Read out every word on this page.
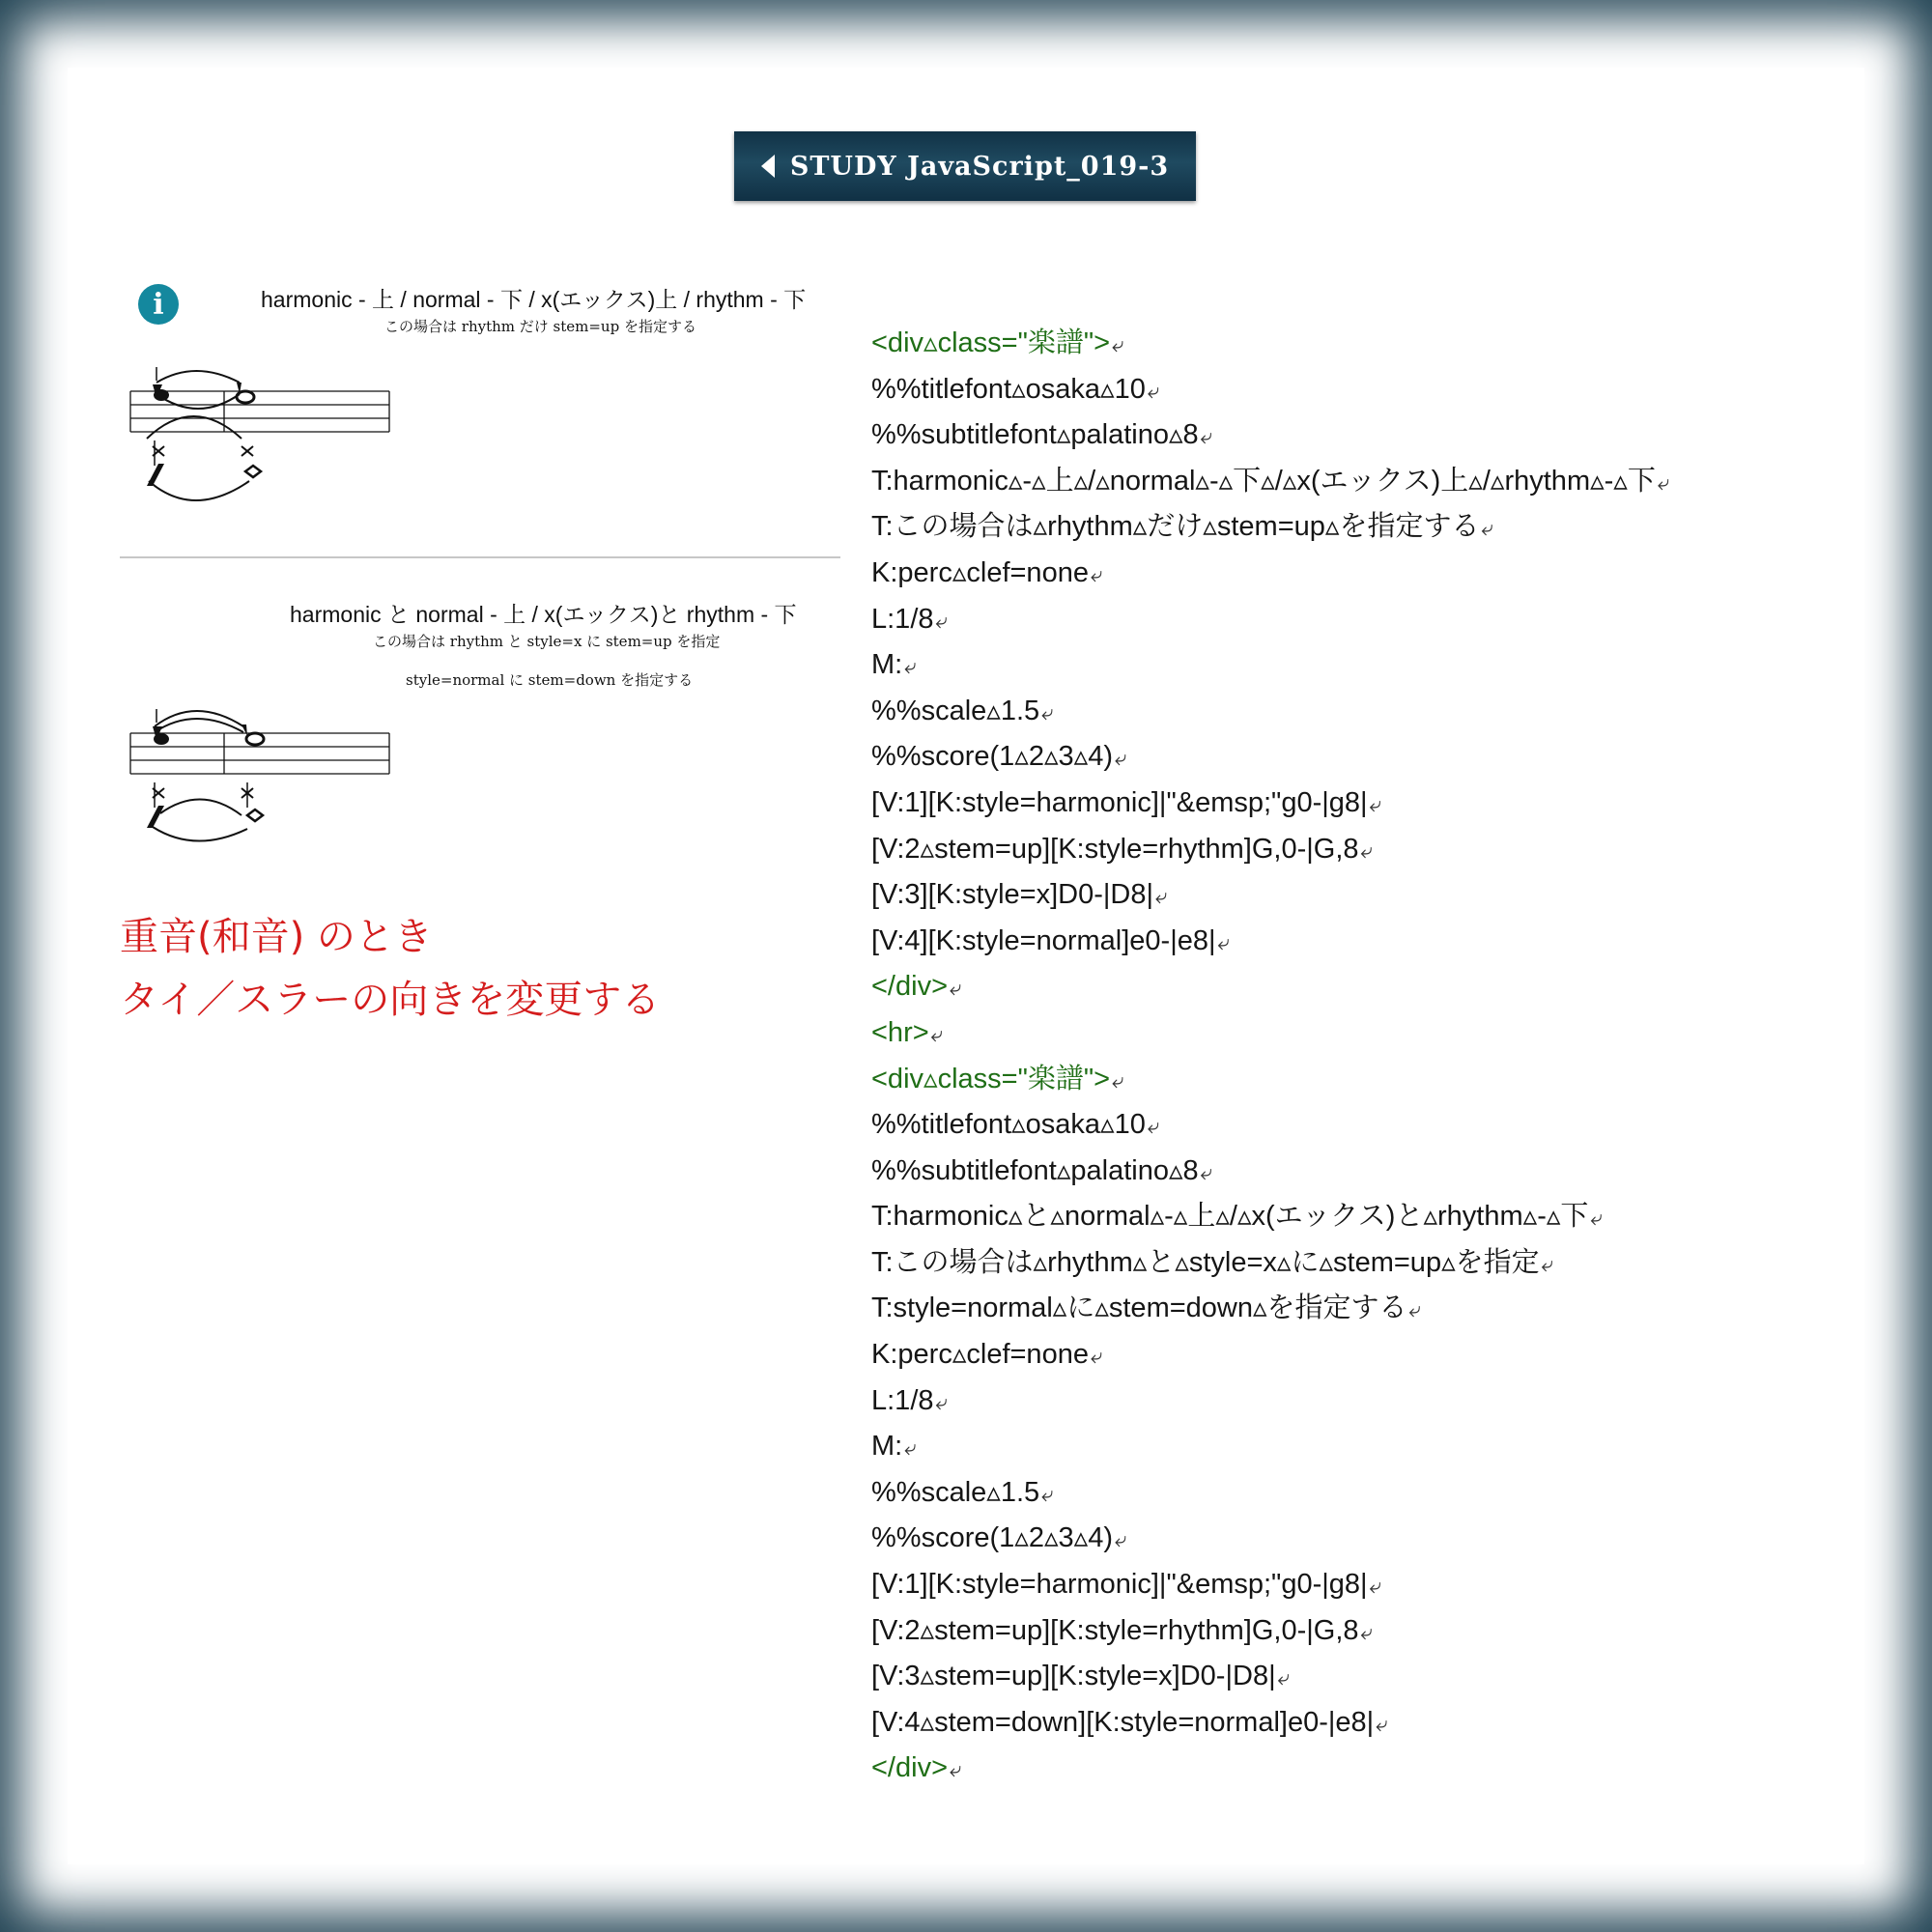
STUDY JavaScript_019-3
i	harmonic - 上 / normal - 下 / x(エックス)上 / rhythm - 下
この場合は rhythm だけ stem=up を指定する
harmonic と normal - 上 / x(エックス)と rhythm - 下
この場合は rhythm と style=x に stem=up を指定
style=normal に stem=down を指定する
重音(和音) のとき
タイ／スラーの向きを変更する
<div▵class="楽譜">⤶
%%titlefont▵osaka▵10⤶
%%subtitlefont▵palatino▵8⤶
T:harmonic▵-▵上▵/▵normal▵-▵下▵/▵x(エックス)上▵/▵rhythm▵-▵下⤶
T:この場合は▵rhythm▵だけ▵stem=up▵を指定する⤶
K:perc▵clef=none⤶
L:1/8⤶
M:⤶
%%scale▵1.5⤶
%%score(1▵2▵3▵4)⤶
[V:1][K:style=harmonic]|"&emsp;"g0-|g8|⤶
[V:2▵stem=up][K:style=rhythm]G,0-|G,8⤶
[V:3][K:style=x]D0-|D8|⤶
[V:4][K:style=normal]e0-|e8|⤶
</div>⤶
<hr>⤶
<div▵class="楽譜">⤶
%%titlefont▵osaka▵10⤶
%%subtitlefont▵palatino▵8⤶
T:harmonic▵と▵normal▵-▵上▵/▵x(エックス)と▵rhythm▵-▵下⤶
T:この場合は▵rhythm▵と▵style=x▵に▵stem=up▵を指定⤶
T:style=normal▵に▵stem=down▵を指定する⤶
K:perc▵clef=none⤶
L:1/8⤶
M:⤶
%%scale▵1.5⤶
%%score(1▵2▵3▵4)⤶
[V:1][K:style=harmonic]|"&emsp;"g0-|g8|⤶
[V:2▵stem=up][K:style=rhythm]G,0-|G,8⤶
[V:3▵stem=up][K:style=x]D0-|D8|⤶
[V:4▵stem=down][K:style=normal]e0-|e8|⤶
</div>⤶
